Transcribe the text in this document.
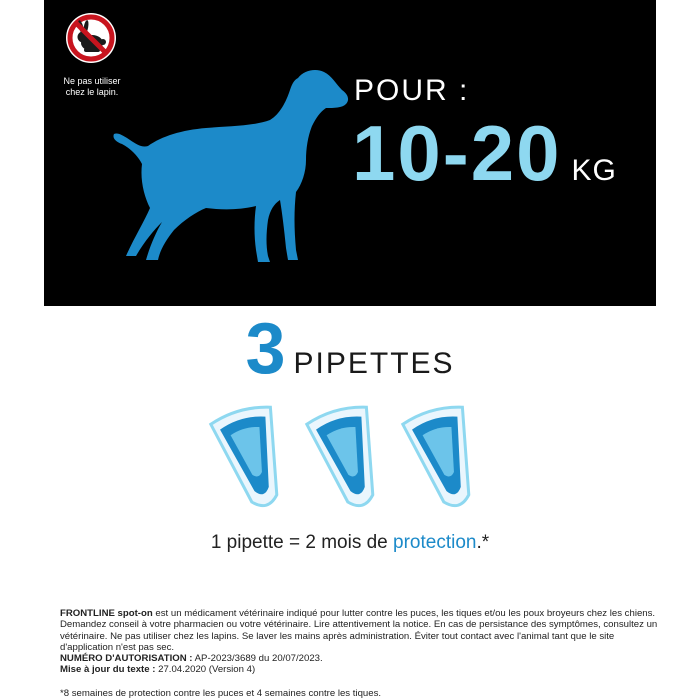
Ne pas utiliser
chez le lapin.	POUR :
10-20 KG
3 PIPETTES
1 pipette = 2 mois de protection.*
FRONTLINE spot-on est un médicament vétérinaire indiqué pour lutter contre les puces, les tiques et/ou les poux broyeurs chez les chiens. Demandez conseil à votre pharmacien ou votre vétérinaire. Lire attentivement la notice. En cas de persistance des symptômes, consultez un vétérinaire. Ne pas utiliser chez les lapins. Se laver les mains après administration. Éviter tout contact avec l'animal tant que le site d'application n'est pas sec.
NUMÉRO D'AUTORISATION : AP-2023/3689 du 20/07/2023.
Mise à jour du texte : 27.04.2020 (Version 4)
*8 semaines de protection contre les puces et 4 semaines contre les tiques.
